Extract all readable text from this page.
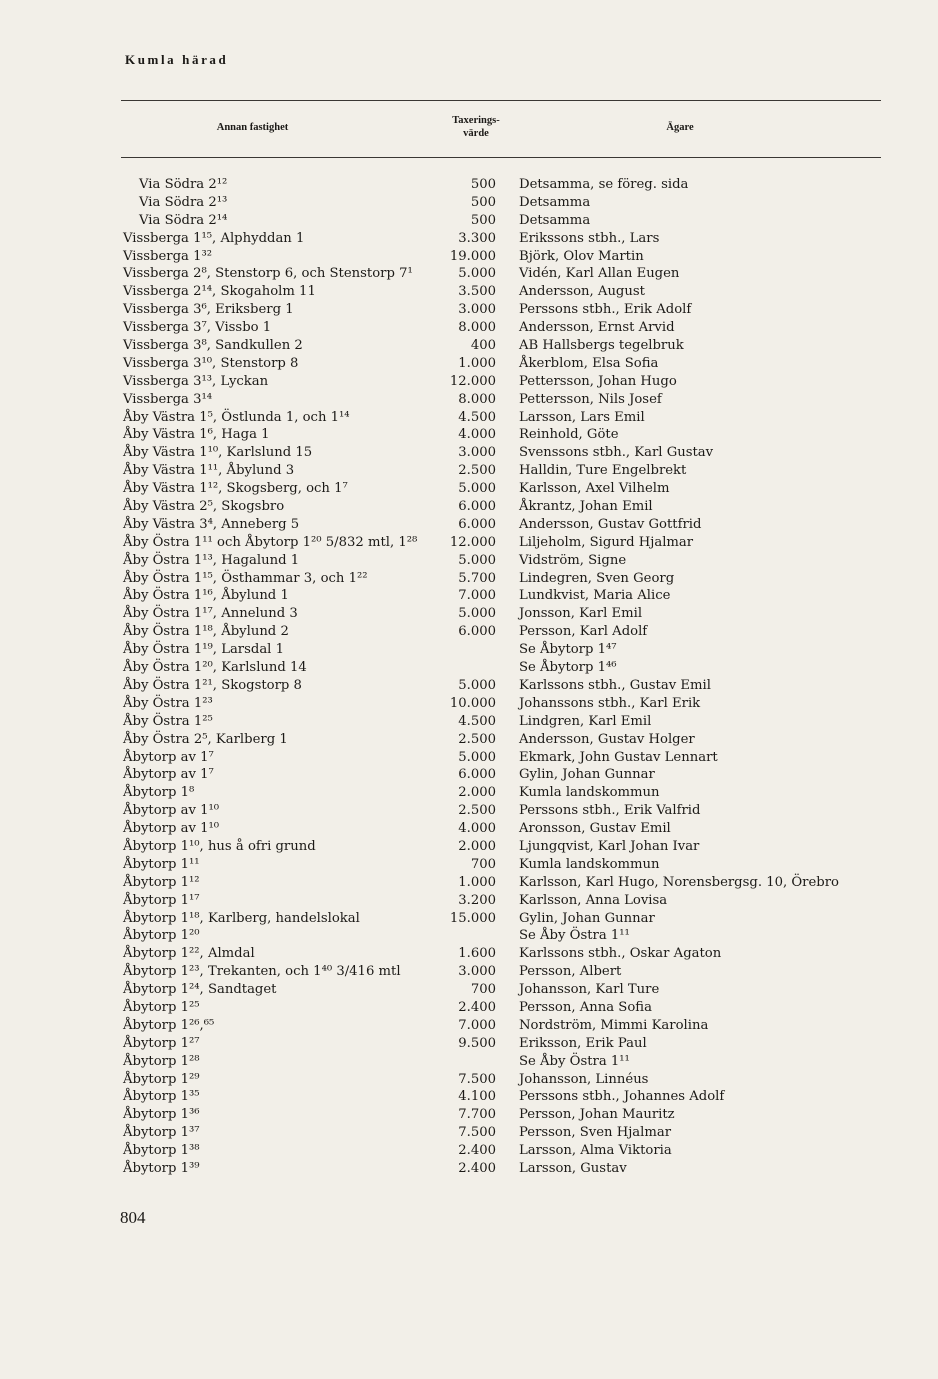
Kumla härad
Annan fastighet
Taxerings-
värde
Ägare
Via Södra 2¹²	500 Detsamma, se föreg. sida
Via Södra 2¹³	500 Detsamma
Via Södra 2¹⁴	500 Detsamma
Vissberga 1¹⁵, Alphyddan 1	3.300 Erikssons stbh., Lars
Vissberga 1³²	19.000 Björk, Olov Martin
Vissberga 2⁸, Stenstorp 6, och Stenstorp 7¹	5.000 Vidén, Karl Allan Eugen
Vissberga 2¹⁴, Skogaholm 11	3.500 Andersson, August
Vissberga 3⁶, Eriksberg 1	3.000 Perssons stbh., Erik Adolf
Vissberga 3⁷, Vissbo 1	8.000 Andersson, Ernst Arvid
Vissberga 3⁸, Sandkullen 2	400 AB Hallsbergs tegelbruk
Vissberga 3¹⁰, Stenstorp 8	1.000 Åkerblom, Elsa Sofia
Vissberga 3¹³, Lyckan	12.000 Pettersson, Johan Hugo
Vissberga 3¹⁴	8.000 Pettersson, Nils Josef
Åby Västra 1⁵, Östlunda 1, och 1¹⁴	4.500 Larsson, Lars Emil
Åby Västra 1⁶, Haga 1	4.000 Reinhold, Göte
Åby Västra 1¹⁰, Karlslund 15	3.000 Svenssons stbh., Karl Gustav
Åby Västra 1¹¹, Åbylund 3	2.500 Halldin, Ture Engelbrekt
Åby Västra 1¹², Skogsberg, och 1⁷	5.000 Karlsson, Axel Vilhelm
Åby Västra 2⁵, Skogsbro	6.000 Åkrantz, Johan Emil
Åby Västra 3⁴, Anneberg 5	6.000 Andersson, Gustav Gottfrid
Åby Östra 1¹¹ och Åbytorp 1²⁰ 5/832 mtl, 1²⁸	12.000 Liljeholm, Sigurd Hjalmar
Åby Östra 1¹³, Hagalund 1	5.000 Vidström, Signe
Åby Östra 1¹⁵, Östhammar 3, och 1²²	5.700 Lindegren, Sven Georg
Åby Östra 1¹⁶, Åbylund 1	7.000 Lundkvist, Maria Alice
Åby Östra 1¹⁷, Annelund 3	5.000 Jonsson, Karl Emil
Åby Östra 1¹⁸, Åbylund 2	6.000 Persson, Karl Adolf
Åby Östra 1¹⁹, Larsdal 1	Se Åbytorp 1⁴⁷
Åby Östra 1²⁰, Karlslund 14	Se Åbytorp 1⁴⁶
Åby Östra 1²¹, Skogstorp 8	5.000 Karlssons stbh., Gustav Emil
Åby Östra 1²³	10.000 Johanssons stbh., Karl Erik
Åby Östra 1²⁵	4.500 Lindgren, Karl Emil
Åby Östra 2⁵, Karlberg 1	2.500 Andersson, Gustav Holger
Åbytorp av 1⁷	5.000 Ekmark, John Gustav Lennart
Åbytorp av 1⁷	6.000 Gylin, Johan Gunnar
Åbytorp 1⁸	2.000 Kumla landskommun
Åbytorp av 1¹⁰	2.500 Perssons stbh., Erik Valfrid
Åbytorp av 1¹⁰	4.000 Aronsson, Gustav Emil
Åbytorp 1¹⁰, hus å ofri grund	2.000 Ljungqvist, Karl Johan Ivar
Åbytorp 1¹¹	700 Kumla landskommun
Åbytorp 1¹²	1.000 Karlsson, Karl Hugo, Norensbergsg. 10, Örebro
Åbytorp 1¹⁷	3.200 Karlsson, Anna Lovisa
Åbytorp 1¹⁸, Karlberg, handelslokal	15.000 Gylin, Johan Gunnar
Åbytorp 1²⁰	Se Åby Östra 1¹¹
Åbytorp 1²², Almdal	1.600 Karlssons stbh., Oskar Agaton
Åbytorp 1²³, Trekanten, och 1⁴⁰ 3/416 mtl	3.000 Persson, Albert
Åbytorp 1²⁴, Sandtaget	700 Johansson, Karl Ture
Åbytorp 1²⁵	2.400 Persson, Anna Sofia
Åbytorp 1²⁶,⁶⁵	7.000 Nordström, Mimmi Karolina
Åbytorp 1²⁷	9.500 Eriksson, Erik Paul
Åbytorp 1²⁸	Se Åby Östra 1¹¹
Åbytorp 1²⁹	7.500 Johansson, Linnéus
Åbytorp 1³⁵	4.100 Perssons stbh., Johannes Adolf
Åbytorp 1³⁶	7.700 Persson, Johan Mauritz
Åbytorp 1³⁷	7.500 Persson, Sven Hjalmar
Åbytorp 1³⁸	2.400 Larsson, Alma Viktoria
Åbytorp 1³⁹	2.400 Larsson, Gustav
804
